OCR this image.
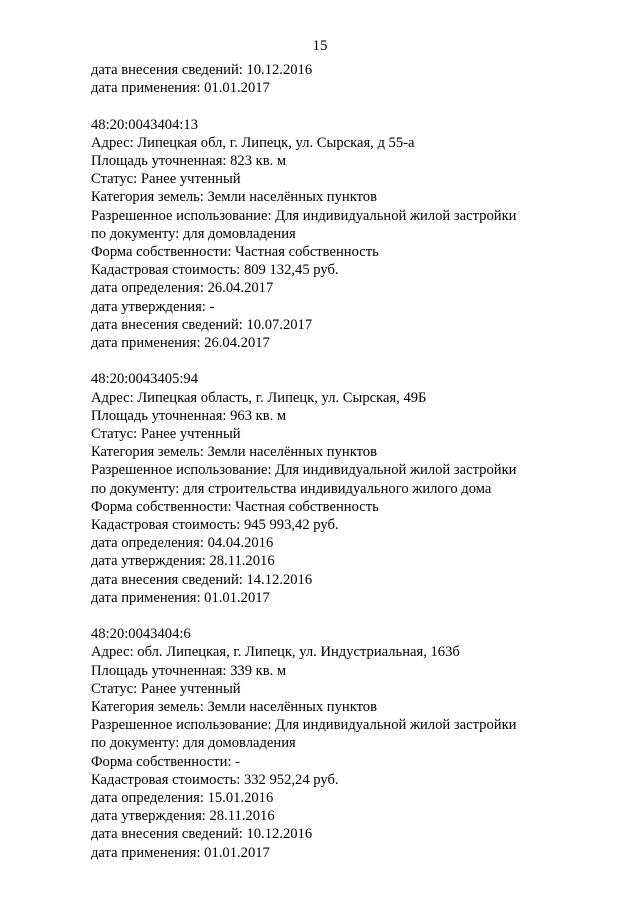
15
дата внесения сведений: 10.12.2016
дата применения: 01.01.2017
48:20:0043404:13
Адрес: Липецкая обл, г. Липецк, ул. Сырская, д 55-а
Площадь уточненная: 823 кв. м
Статус: Ранее учтенный
Категория земель: Земли населённых пунктов
Разрешенное использование: Для индивидуальной жилой застройки
по документу: для домовладения
Форма собственности: Частная собственность
Кадастровая стоимость: 809 132,45 руб.
дата определения: 26.04.2017
дата утверждения: -
дата внесения сведений: 10.07.2017
дата применения: 26.04.2017
48:20:0043405:94
Адрес: Липецкая область, г. Липецк, ул. Сырская, 49Б
Площадь уточненная: 963 кв. м
Статус: Ранее учтенный
Категория земель: Земли населённых пунктов
Разрешенное использование: Для индивидуальной жилой застройки
по документу: для строительства индивидуального жилого дома
Форма собственности: Частная собственность
Кадастровая стоимость: 945 993,42 руб.
дата определения: 04.04.2016
дата утверждения: 28.11.2016
дата внесения сведений: 14.12.2016
дата применения: 01.01.2017
48:20:0043404:6
Адрес: обл. Липецкая, г. Липецк, ул. Индустриальная, 163б
Площадь уточненная: 339 кв. м
Статус: Ранее учтенный
Категория земель: Земли населённых пунктов
Разрешенное использование: Для индивидуальной жилой застройки
по документу: для домовладения
Форма собственности: -
Кадастровая стоимость: 332 952,24 руб.
дата определения: 15.01.2016
дата утверждения: 28.11.2016
дата внесения сведений: 10.12.2016
дата применения: 01.01.2017
